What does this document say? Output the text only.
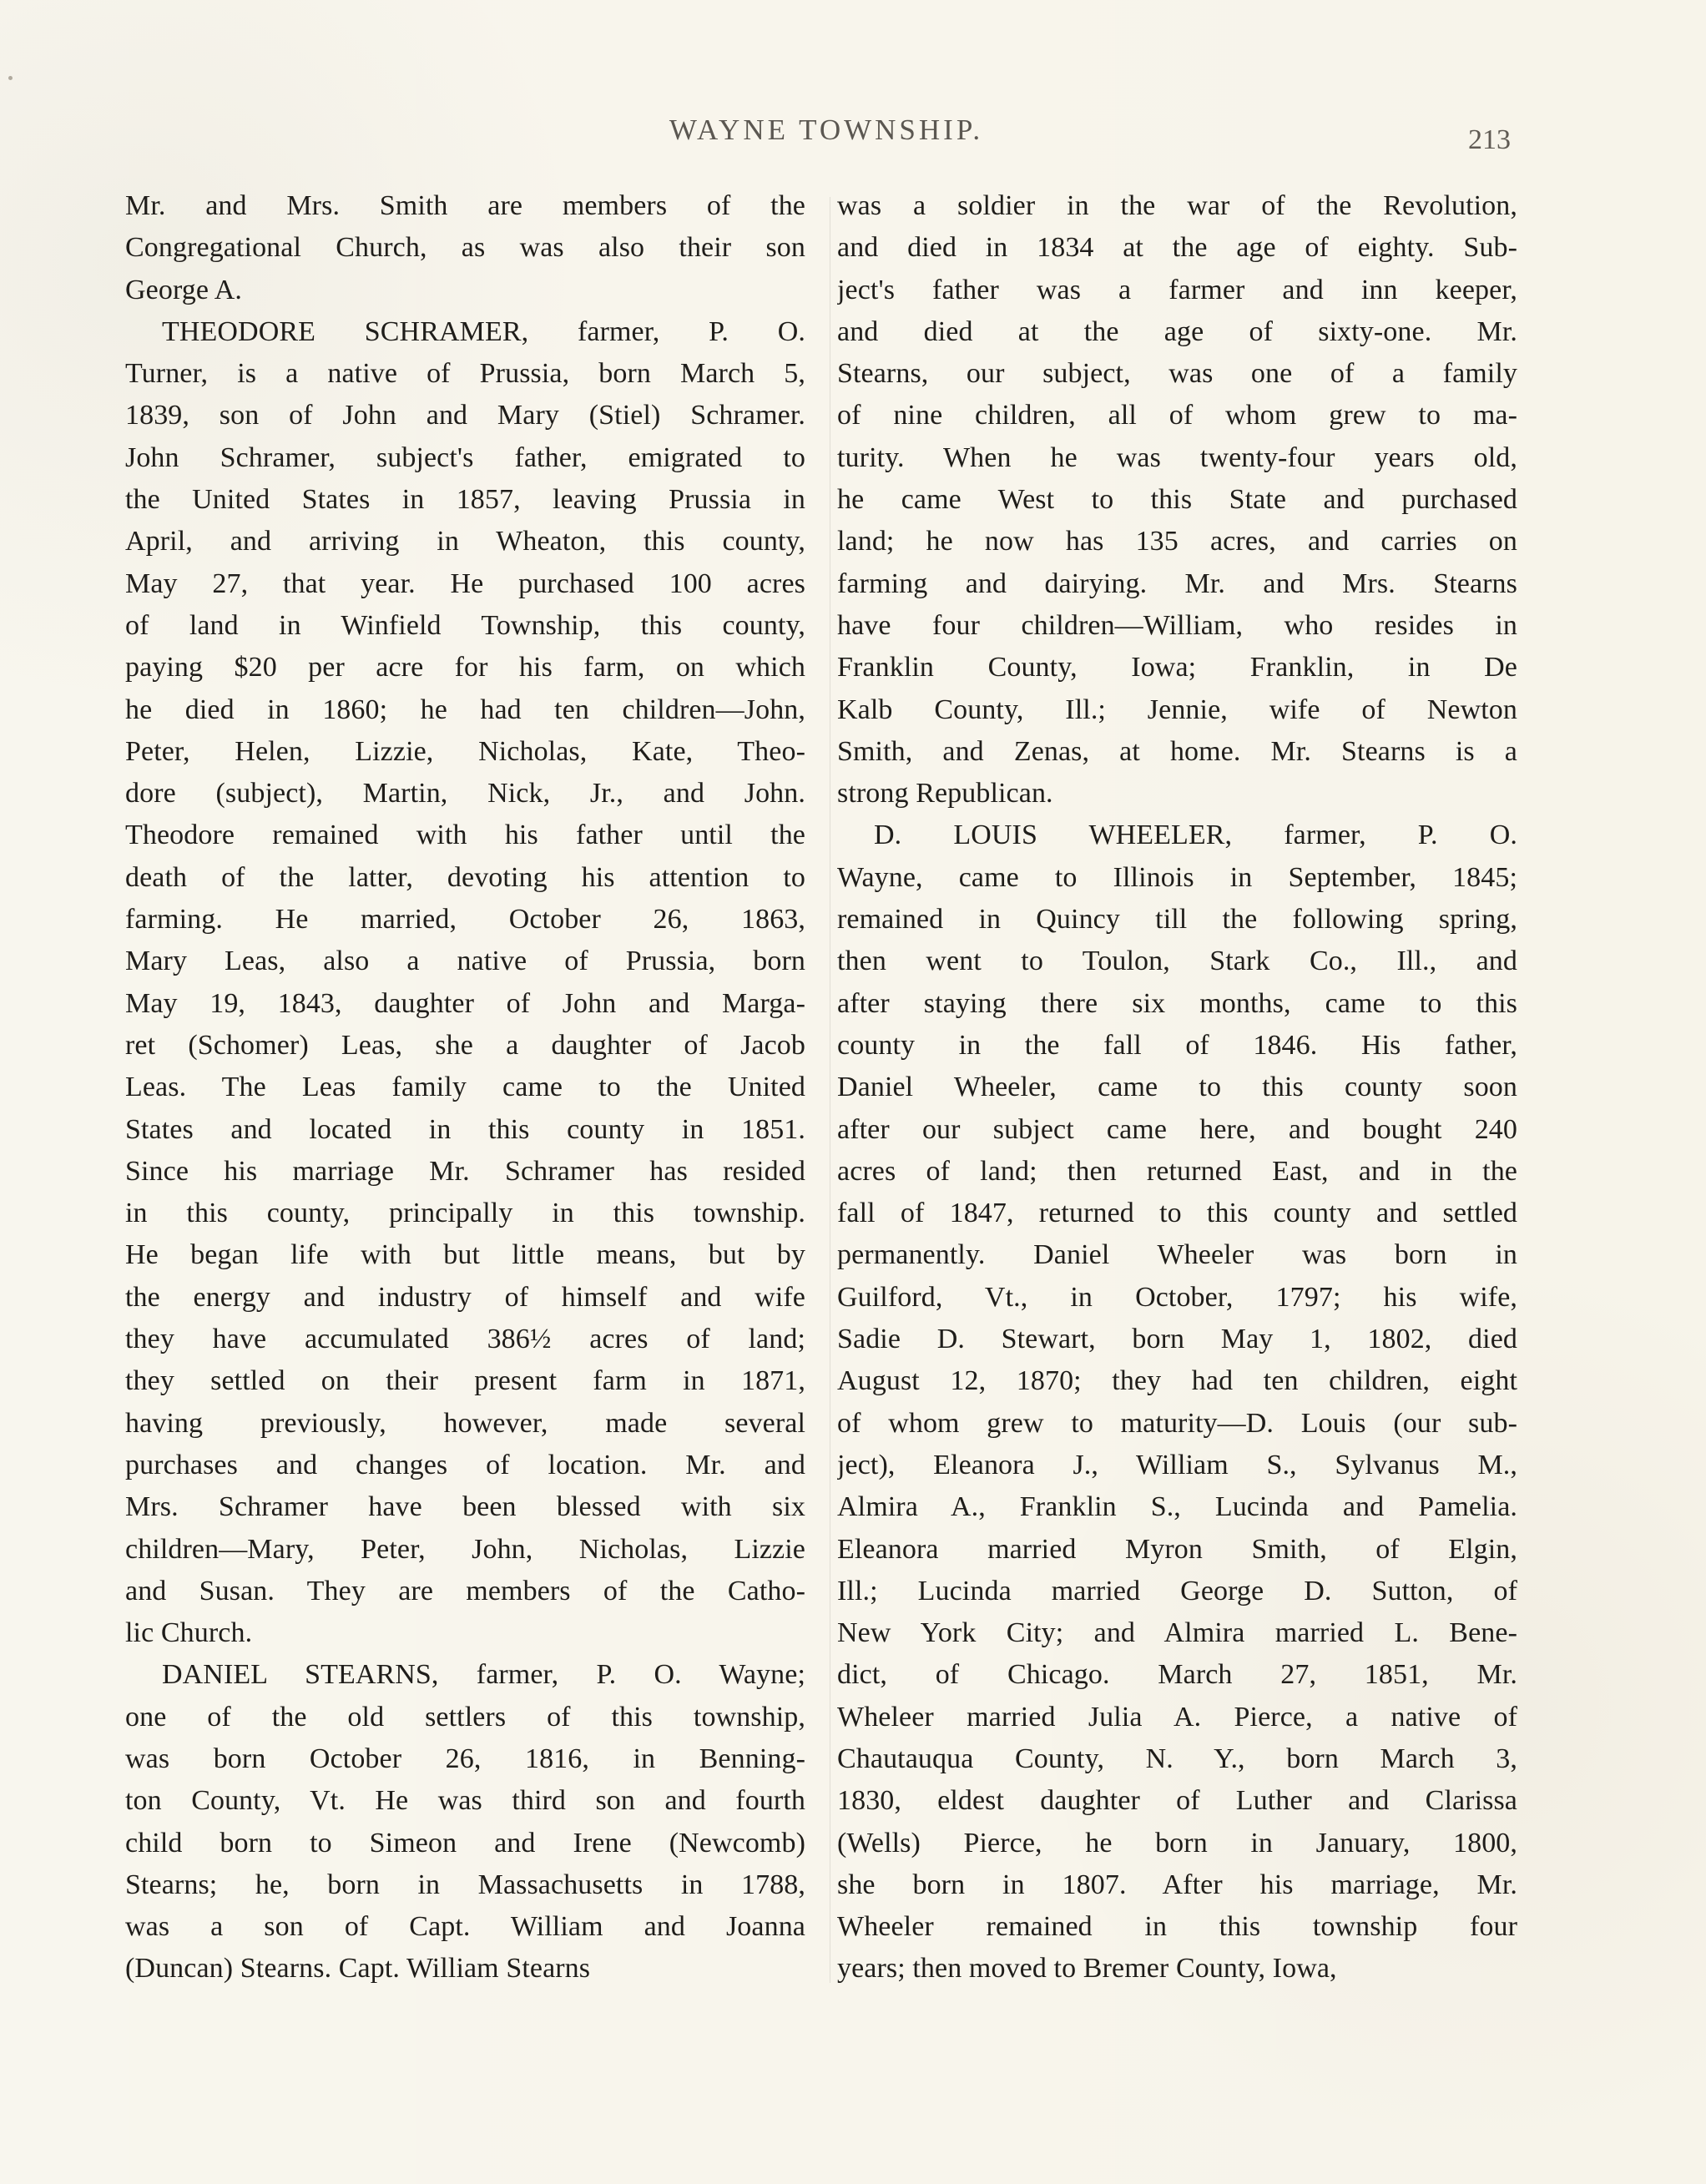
WAYNE TOWNSHIP.	213
Mr. and Mrs. Smith are members of the
Congregational Church, as was also their son
George A.
THEODORE SCHRAMER, farmer, P. O.
Turner, is a native of Prussia, born March 5,
1839, son of John and Mary (Stiel) Schramer.
John Schramer, subject's father, emigrated to
the United States in 1857, leaving Prussia in
April, and arriving in Wheaton, this county,
May 27, that year. He purchased 100 acres
of land in Winfield Township, this county,
paying $20 per acre for his farm, on which
he died in 1860; he had ten children—John,
Peter, Helen, Lizzie, Nicholas, Kate, Theo-
dore (subject), Martin, Nick, Jr., and John.
Theodore remained with his father until the
death of the latter, devoting his attention to
farming. He married, October 26, 1863,
Mary Leas, also a native of Prussia, born
May 19, 1843, daughter of John and Marga-
ret (Schomer) Leas, she a daughter of Jacob
Leas. The Leas family came to the United
States and located in this county in 1851.
Since his marriage Mr. Schramer has resided
in this county, principally in this township.
He began life with but little means, but by
the energy and industry of himself and wife
they have accumulated 386½ acres of land;
they settled on their present farm in 1871,
having previously, however, made several
purchases and changes of location. Mr. and
Mrs. Schramer have been blessed with six
children—Mary, Peter, John, Nicholas, Lizzie
and Susan. They are members of the Catho-
lic Church.
DANIEL STEARNS, farmer, P. O. Wayne;
one of the old settlers of this township,
was born October 26, 1816, in Benning-
ton County, Vt. He was third son and fourth
child born to Simeon and Irene (Newcomb)
Stearns; he, born in Massachusetts in 1788,
was a son of Capt. William and Joanna
(Duncan) Stearns. Capt. William Stearns
was a soldier in the war of the Revolution,
and died in 1834 at the age of eighty. Sub-
ject's father was a farmer and inn keeper,
and died at the age of sixty-one. Mr.
Stearns, our subject, was one of a family
of nine children, all of whom grew to ma-
turity. When he was twenty-four years old,
he came West to this State and purchased
land; he now has 135 acres, and carries on
farming and dairying. Mr. and Mrs. Stearns
have four children—William, who resides in
Franklin County, Iowa; Franklin, in De
Kalb County, Ill.; Jennie, wife of Newton
Smith, and Zenas, at home. Mr. Stearns is a
strong Republican.
D. LOUIS WHEELER, farmer, P. O.
Wayne, came to Illinois in September, 1845;
remained in Quincy till the following spring,
then went to Toulon, Stark Co., Ill., and
after staying there six months, came to this
county in the fall of 1846. His father,
Daniel Wheeler, came to this county soon
after our subject came here, and bought 240
acres of land; then returned East, and in the
fall of 1847, returned to this county and settled
permanently. Daniel Wheeler was born in
Guilford, Vt., in October, 1797; his wife,
Sadie D. Stewart, born May 1, 1802, died
August 12, 1870; they had ten children, eight
of whom grew to maturity—D. Louis (our sub-
ject), Eleanora J., William S., Sylvanus M.,
Almira A., Franklin S., Lucinda and Pamelia.
Eleanora married Myron Smith, of Elgin,
Ill.; Lucinda married George D. Sutton, of
New York City; and Almira married L. Bene-
dict, of Chicago. March 27, 1851, Mr.
Wheleer married Julia A. Pierce, a native of
Chautauqua County, N. Y., born March 3,
1830, eldest daughter of Luther and Clarissa
(Wells) Pierce, he born in January, 1800,
she born in 1807. After his marriage, Mr.
Wheeler remained in this township four
years; then moved to Bremer County, Iowa,
